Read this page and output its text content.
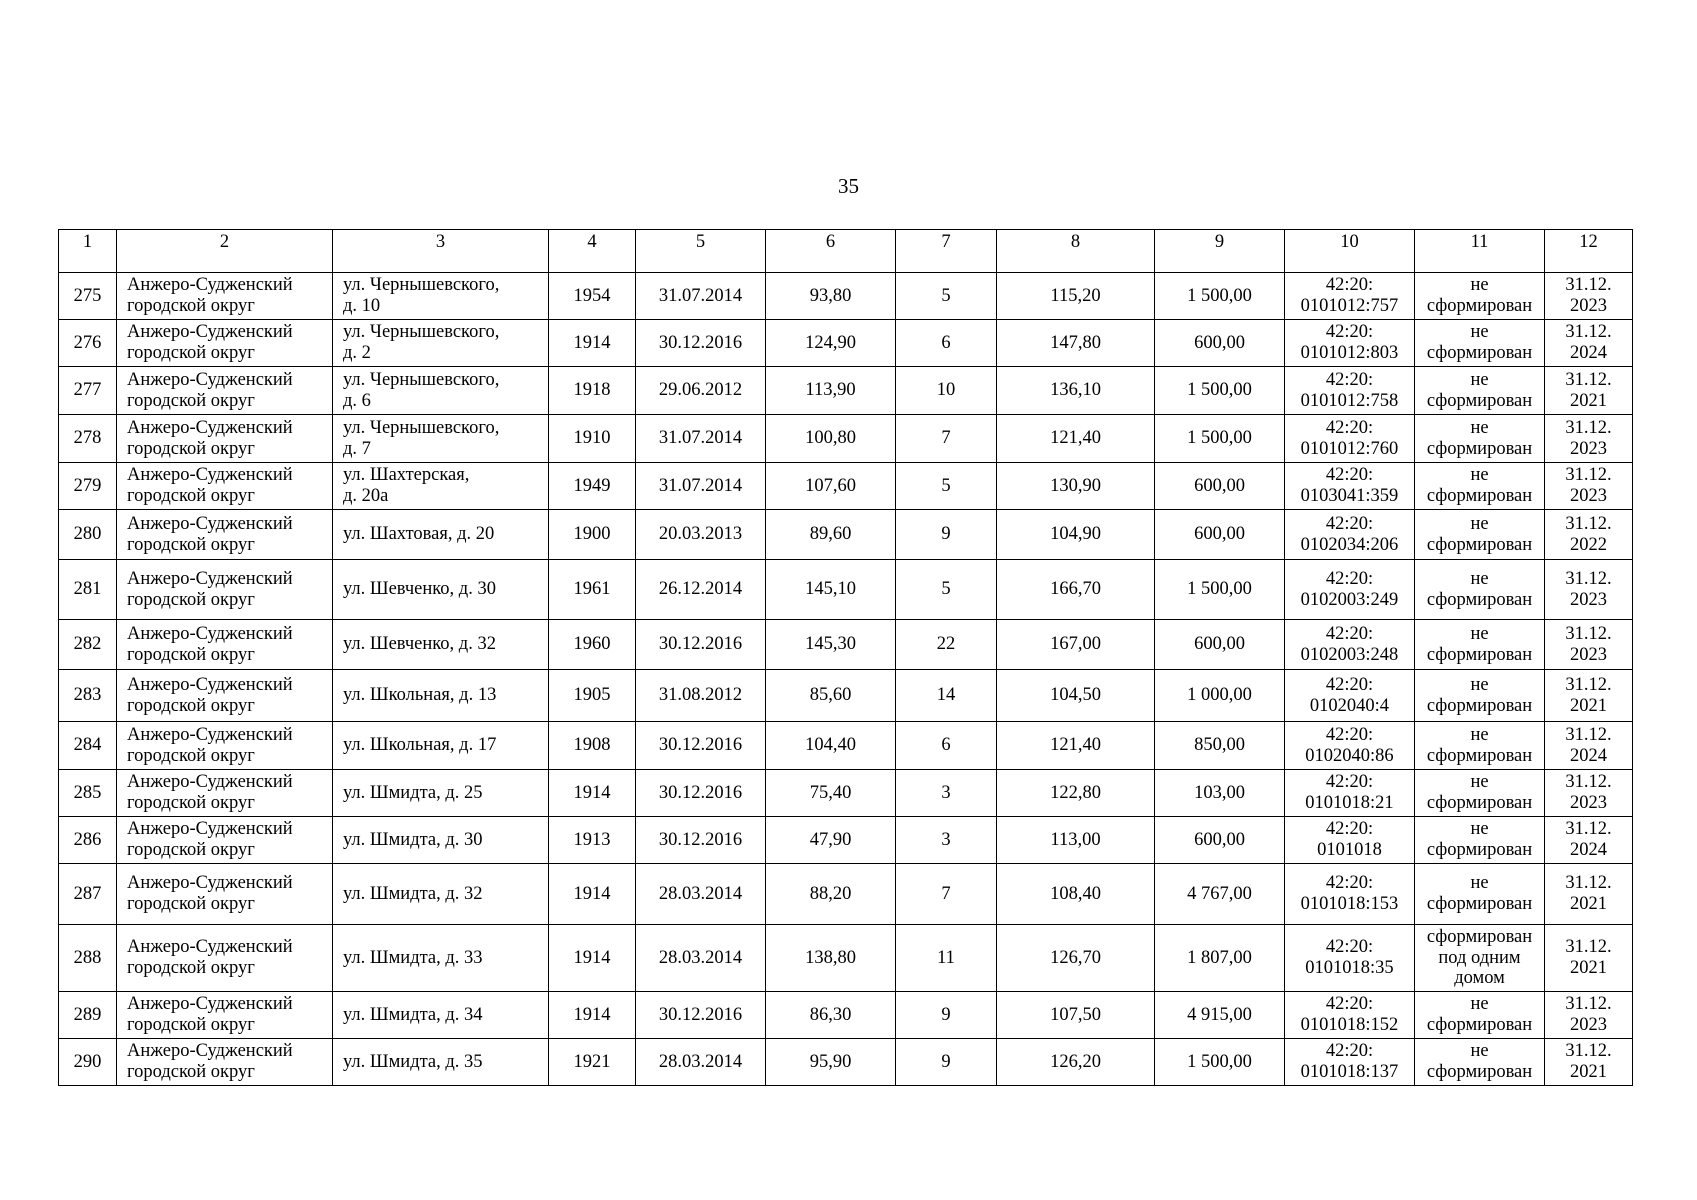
35
1	2	3	4	5	6	7	8	9	10	11	12
275	Анжеро-Судженский
городской округ	ул. Чернышевского,
д. 10	1954	31.07.2014	93,80	5	115,20	1 500,00	42:20:
0101012:757	не
сформирован	31.12.
2023

276	Анжеро-Судженский
городской округ	ул. Чернышевского,
д. 2	1914	30.12.2016	124,90	6	147,80	600,00	42:20:
0101012:803	не
сформирован	31.12.
2024

277	Анжеро-Судженский
городской округ	ул. Чернышевского,
д. 6	1918	29.06.2012	113,90	10	136,10	1 500,00	42:20:
0101012:758	не
сформирован	31.12.
2021

278	Анжеро-Судженский
городской округ	ул. Чернышевского,
д. 7	1910	31.07.2014	100,80	7	121,40	1 500,00	42:20:
0101012:760	не
сформирован	31.12.
2023

279	Анжеро-Судженский
городской округ	ул. Шахтерская,
д. 20а	1949	31.07.2014	107,60	5	130,90	600,00	42:20:
0103041:359	не
сформирован	31.12.
2023

280	Анжеро-Судженский
городской округ	ул. Шахтовая, д. 20	1900	20.03.2013	89,60	9	104,90	600,00	42:20:
0102034:206	не
сформирован	31.12.
2022

281	Анжеро-Судженский
городской округ	ул. Шевченко, д. 30	1961	26.12.2014	145,10	5	166,70	1 500,00	42:20:
0102003:249	не
сформирован	31.12.
2023

282	Анжеро-Судженский
городской округ	ул. Шевченко, д. 32	1960	30.12.2016	145,30	22	167,00	600,00	42:20:
0102003:248	не
сформирован	31.12.
2023

283	Анжеро-Судженский
городской округ	ул. Школьная, д. 13	1905	31.08.2012	85,60	14	104,50	1 000,00	42:20:
0102040:4	не
сформирован	31.12.
2021

284	Анжеро-Судженский
городской округ	ул. Школьная, д. 17	1908	30.12.2016	104,40	6	121,40	850,00	42:20:
0102040:86	не
сформирован	31.12.
2024

285	Анжеро-Судженский
городской округ	ул. Шмидта, д. 25	1914	30.12.2016	75,40	3	122,80	103,00	42:20:
0101018:21	не
сформирован	31.12.
2023

286	Анжеро-Судженский
городской округ	ул. Шмидта, д. 30	1913	30.12.2016	47,90	3	113,00	600,00	42:20:
0101018	не
сформирован	31.12.
2024

287	Анжеро-Судженский
городской округ	ул. Шмидта, д. 32	1914	28.03.2014	88,20	7	108,40	4 767,00	42:20:
0101018:153	не
сформирован	31.12.
2021

288	Анжеро-Судженский
городской округ	ул. Шмидта, д. 33	1914	28.03.2014	138,80	11	126,70	1 807,00	42:20:
0101018:35	сформирован
под одним
домом	31.12.
2021

289	Анжеро-Судженский
городской округ	ул. Шмидта, д. 34	1914	30.12.2016	86,30	9	107,50	4 915,00	42:20:
0101018:152	не
сформирован	31.12.
2023

290	Анжеро-Судженский
городской округ	ул. Шмидта, д. 35	1921	28.03.2014	95,90	9	126,20	1 500,00	42:20:
0101018:137	не
сформирован	31.12.
2021
